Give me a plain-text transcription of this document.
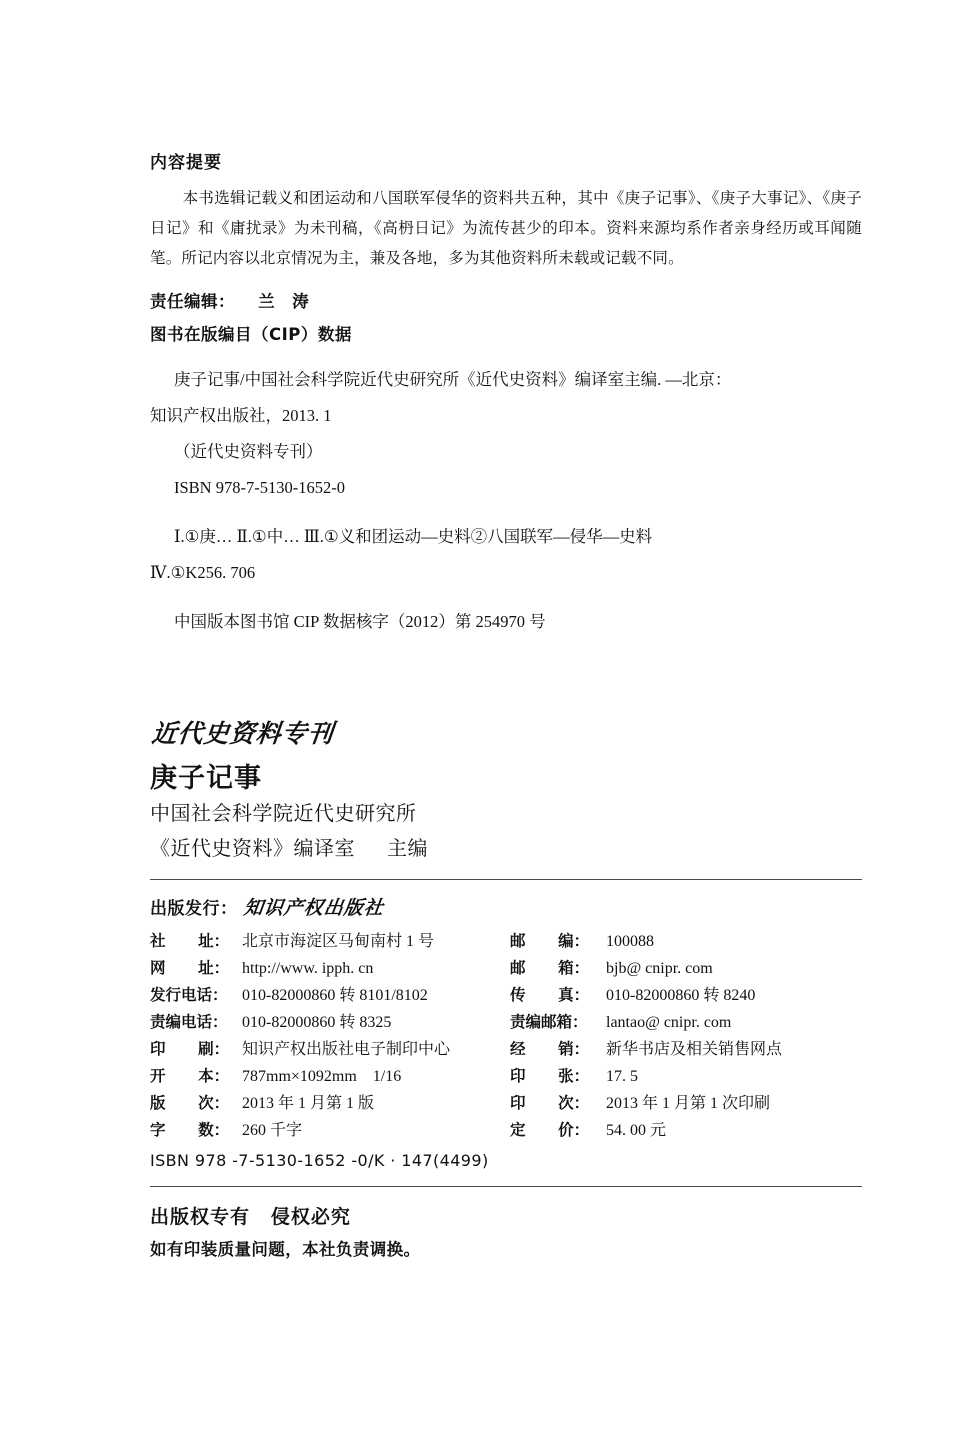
内容提要
本书选辑记载义和团运动和八国联军侵华的资料共五种，其中《庚子记事》、《庚子大事记》、《庚子日记》和《庸扰录》为未刊稿，《高枬日记》为流传甚少的印本。资料来源均系作者亲身经历或耳闻随笔。所记内容以北京情况为主，兼及各地，多为其他资料所未载或记载不同。
责任编辑： 兰　涛
图书在版编目（CIP）数据
庚子记事/中国社会科学院近代史研究所《近代史资料》编译室主编. —北京：
知识产权出版社，2013. 1
（近代史资料专刊）
ISBN 978-7-5130-1652-0
Ⅰ.①庚… Ⅱ.①中… Ⅲ.①义和团运动—史料②八国联军—侵华—史料
Ⅳ.①K256. 706
中国版本图书馆 CIP 数据核字（2012）第 254970 号
近代史资料专刊
庚子记事
中国社会科学院近代史研究所
《近代史资料》编译室 主编
出版发行： 知识产权出版社
社 址：	北京市海淀区马甸南村 1 号	邮 编：	100088
网 址：	http://www. ipph. cn	邮 箱：	bjb@ cnipr. com
发行电话：	010-82000860 转 8101/8102	传 真：	010-82000860 转 8240
责编电话：	010-82000860 转 8325	责编邮箱：	lantao@ cnipr. com
印 刷：	知识产权出版社电子制印中心	经 销：	新华书店及相关销售网点
开 本：	787mm×1092mm　1/16	印 张：	17. 5
版 次：	2013 年 1 月第 1 版	印 次：	2013 年 1 月第 1 次印刷
字 数：	260 千字	定 价：	54. 00 元
ISBN 978 -7-5130-1652 -0/K · 147(4499)
出版权专有 侵权必究
如有印装质量问题，本社负责调换。
